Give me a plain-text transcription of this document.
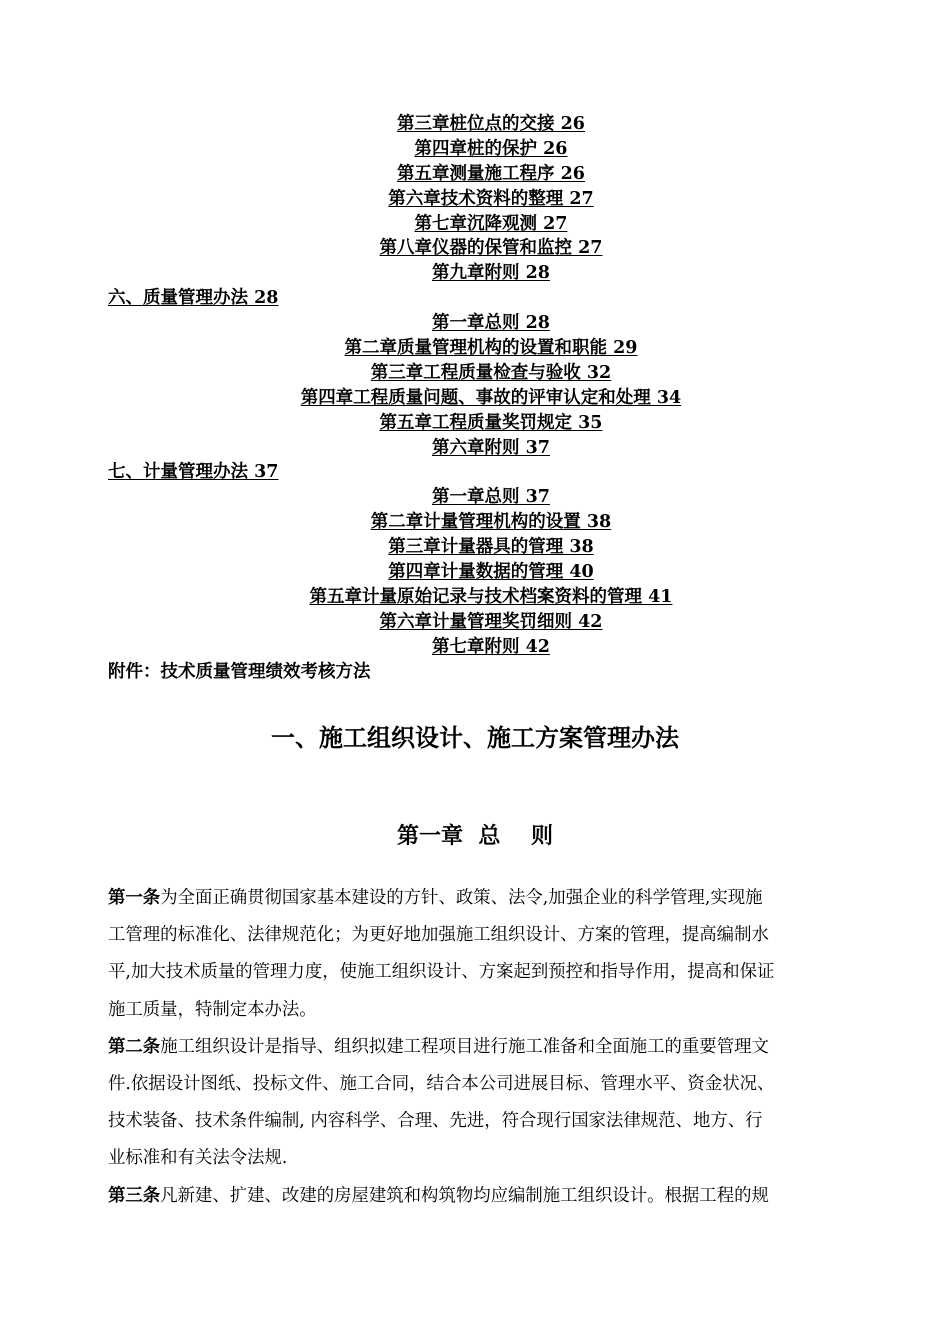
第三章桩位点的交接 26
第四章桩的保护 26
第五章测量施工程序 26
第六章技术资料的整理 27
第七章沉降观测 27
第八章仪器的保管和监控 27
第九章附则 28
六、质量管理办法 28
第一章总则 28
第二章质量管理机构的设置和职能 29
第三章工程质量检查与验收 32
第四章工程质量问题、事故的评审认定和处理 34
第五章工程质量奖罚规定 35
第六章附则 37
七、计量管理办法 37
第一章总则 37
第二章计量管理机构的设置 38
第三章计量器具的管理 38
第四章计量数据的管理 40
第五章计量原始记录与技术档案资料的管理 41
第六章计量管理奖罚细则 42
第七章附则 42
附件：技术质量管理绩效考核方法
一、施工组织设计、施工方案管理办法
第一章  总    则
第一条为全面正确贯彻国家基本建设的方针、政策、法令,加强企业的科学管理,实现施
工管理的标准化、法律规范化；为更好地加强施工组织设计、方案的管理，提高编制水
平,加大技术质量的管理力度，使施工组织设计、方案起到预控和指导作用，提高和保证
施工质量，特制定本办法。
第二条施工组织设计是指导、组织拟建工程项目进行施工准备和全面施工的重要管理文
件.依据设计图纸、投标文件、施工合同，结合本公司进展目标、管理水平、资金状况、
技术装备、技术条件编制, 内容科学、合理、先进，符合现行国家法律规范、地方、行
业标准和有关法令法规.
第三条凡新建、扩建、改建的房屋建筑和构筑物均应编制施工组织设计。根据工程的规
